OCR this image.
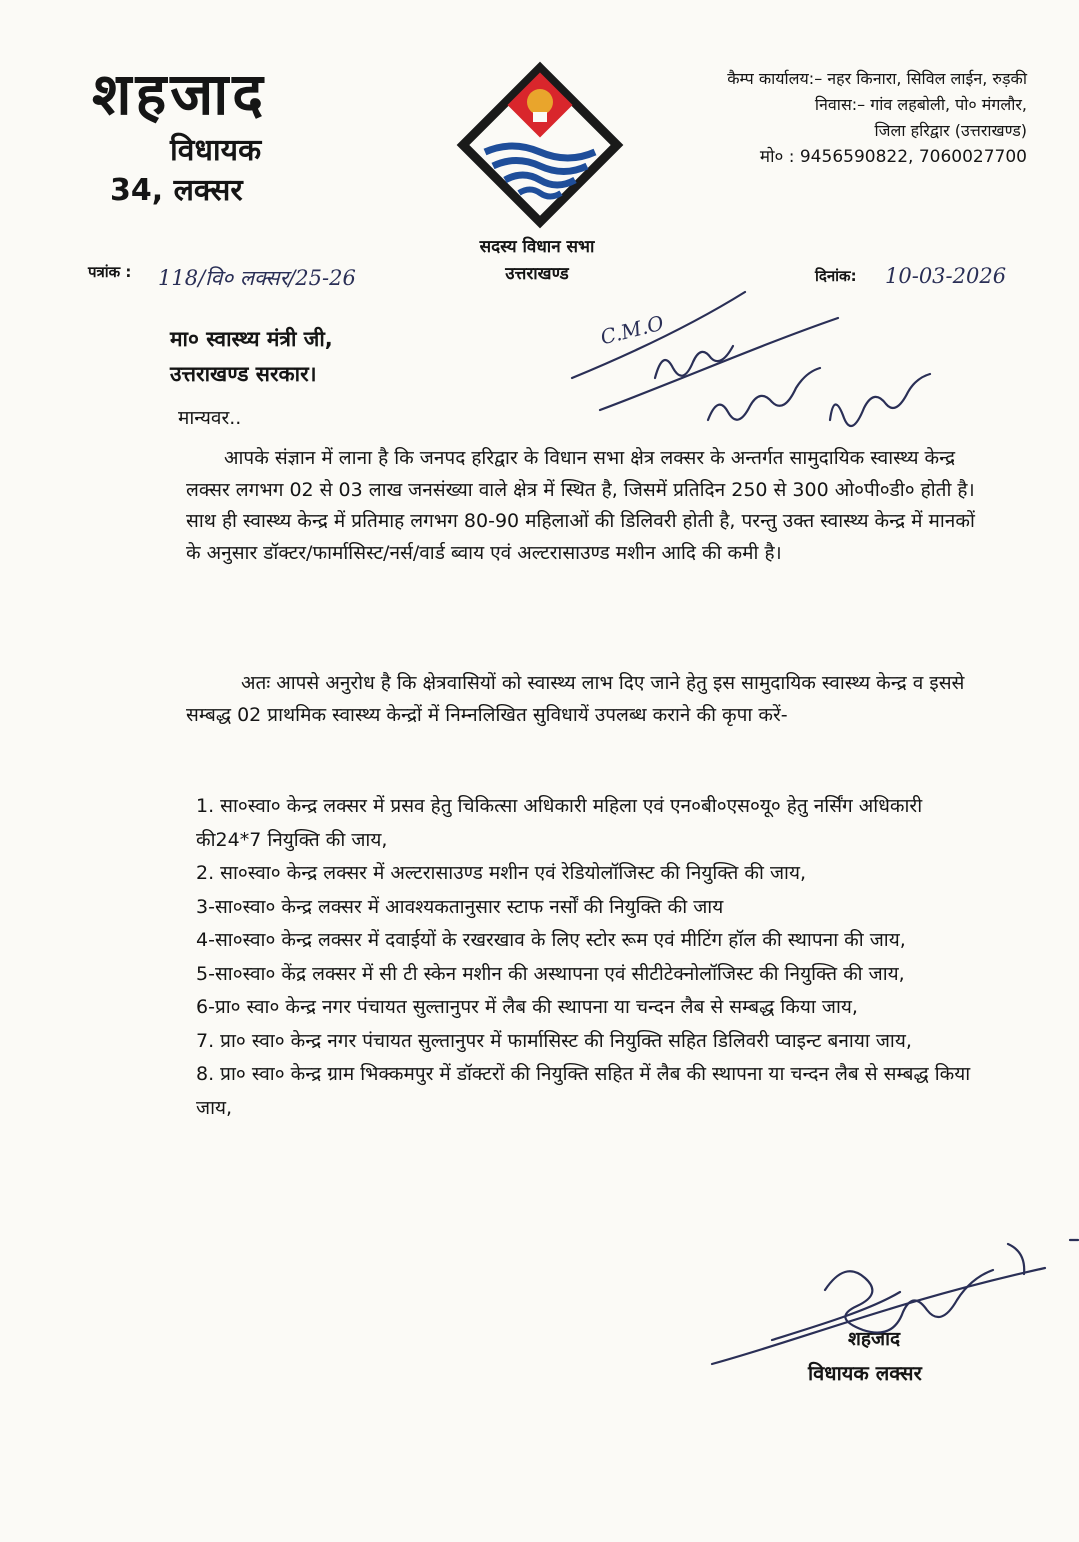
शहजाद
विधायक
34, लक्सर
सदस्य विधान सभा
उत्तराखण्ड
कैम्प कार्यालय:– नहर किनारा, सिविल लाईन, रुड़की
निवास:– गांव लहबोली, पो० मंगलौर,
जिला हरिद्वार (उत्तराखण्ड)
मो० : 9456590822, 7060027700
पत्रांक : 118/वि० लक्सर/25-26	दिनांक: 10-03-2026
C.M.O
मा० स्वास्थ्य मंत्री जी,
उत्तराखण्ड सरकार।
मान्यवर..
आपके संज्ञान में लाना है कि जनपद हरिद्वार के विधान सभा क्षेत्र लक्सर के अन्तर्गत सामुदायिक स्वास्थ्य केन्द्र लक्सर लगभग 02 से 03 लाख जनसंख्या वाले क्षेत्र में स्थित है, जिसमें प्रतिदिन 250 से 300 ओ०पी०डी० होती है। साथ ही स्वास्थ्य केन्द्र में प्रतिमाह लगभग 80-90 महिलाओं की डिलिवरी होती है, परन्तु उक्त स्वास्थ्य केन्द्र में मानकों के अनुसार डॉक्टर/फार्मासिस्ट/नर्स/वार्ड ब्वाय एवं अल्टरासाउण्ड मशीन आदि की कमी है।
अतः आपसे अनुरोध है कि क्षेत्रवासियों को स्वास्थ्य लाभ दिए जाने हेतु इस सामुदायिक स्वास्थ्य केन्द्र व इससे सम्बद्ध 02 प्राथमिक स्वास्थ्य केन्द्रों में निम्नलिखित सुविधायें उपलब्ध कराने की कृपा करें-

1. सा०स्वा० केन्द्र लक्सर में प्रसव हेतु चिकित्सा अधिकारी महिला एवं एन०बी०एस०यू० हेतु नर्सिंग अधिकारी की24*7 नियुक्ति की जाय,

2. सा०स्वा० केन्द्र लक्सर में अल्टरासाउण्ड मशीन एवं रेडियोलॉजिस्ट की नियुक्ति की जाय,

3-सा०स्वा० केन्द्र लक्सर में आवश्यकतानुसार स्टाफ नर्सों की नियुक्ति की जाय

4-सा०स्वा० केन्द्र लक्सर में दवाईयों के रखरखाव के लिए स्टोर रूम एवं मीटिंग हॉल की स्थापना की जाय,

5-सा०स्वा० केंद्र लक्सर में सी टी स्केन मशीन की अस्थापना एवं सीटीटेक्नोलॉजिस्ट की नियुक्ति की जाय,

6-प्रा० स्वा० केन्द्र नगर पंचायत सुल्तानुपर में लैब की स्थापना या चन्दन लैब से सम्बद्ध किया जाय,

7. प्रा० स्वा० केन्द्र नगर पंचायत सुल्तानुपर में फार्मासिस्ट की नियुक्ति सहित डिलिवरी प्वाइन्ट बनाया जाय,

8. प्रा० स्वा० केन्द्र ग्राम भिक्कमपुर में डॉक्टरों की नियुक्ति सहित में लैब की स्थापना या चन्दन लैब से सम्बद्ध किया जाय,

शहजाद
विधायक लक्सर
